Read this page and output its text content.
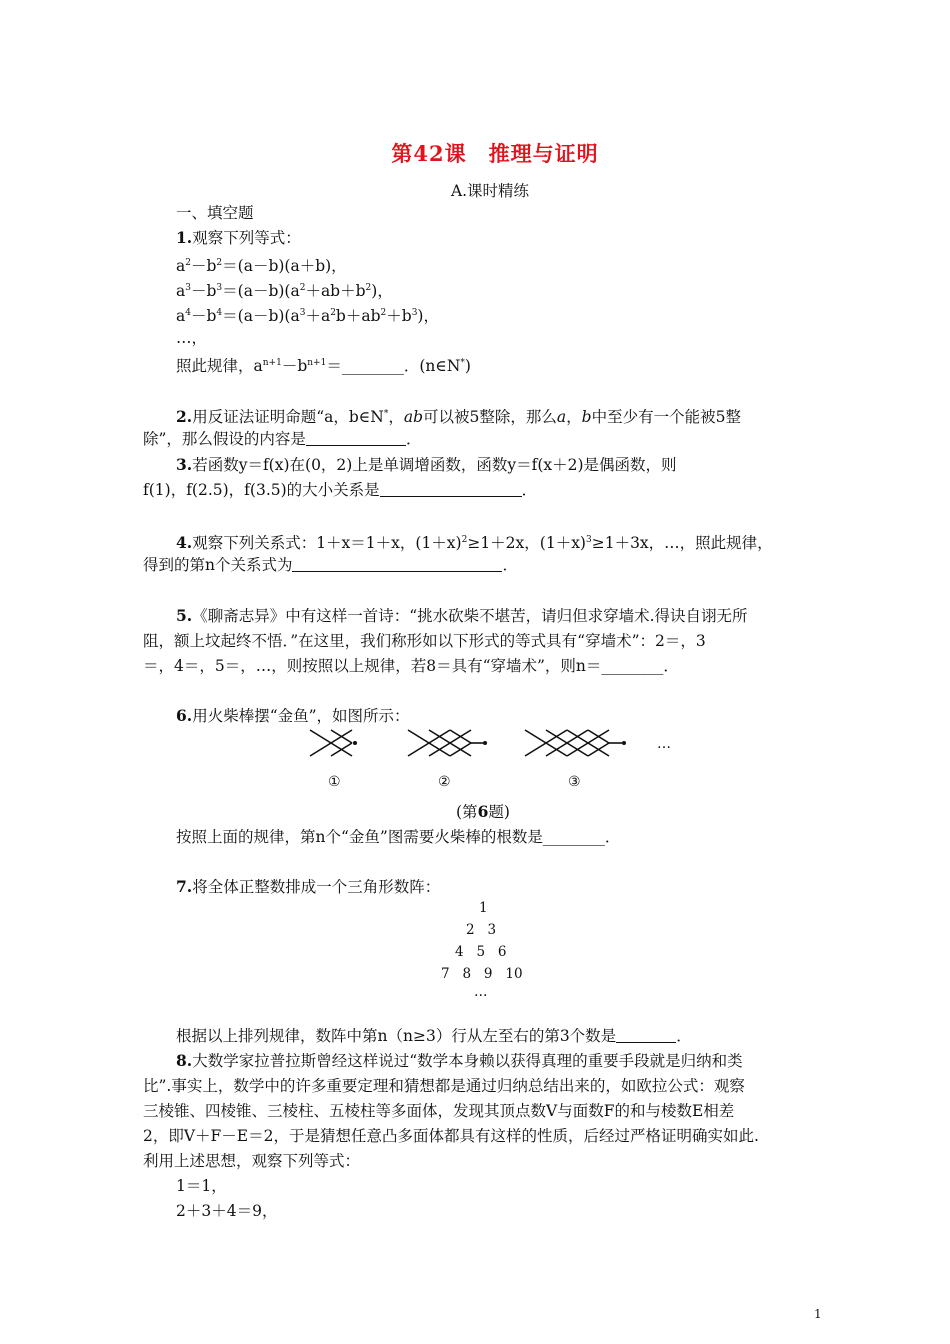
第42课　推理与证明
A.课时精练
一、填空题
1.观察下列等式：
$a^2-b^2=(a-b)(a+b)$，
$a^3-b^3=(a-b)(a^2+ab+b^2)$，
$a^4-b^4=(a-b)(a^3+a^2b+ab^2+b^3)$，
…，
照此规律，$a^{n+1}-b^{n+1}=\_\_\_\_\_\_\_\_$．(n∈N*)
2.用反证法证明命题“a，b∈N*，ab可以被5整除，那么a，b中至少有一个能被5整
除”，那么假设的内容是	．
3.若函数y＝f(x)在(0，2)上是单调增函数，函数y＝f(x＋2)是偶函数，则
f(1)，f(2.5)，f(3.5)的大小关系是	．
4.观察下列关系式：1＋x＝1＋x，$(1+x)^2\ge 1+2x$，$(1+x)^3\ge 1+3x$，…，照此规律，
得到的第n个关系式为	．
5.《聊斋志异》中有这样一首诗：“挑水砍柴不堪苦，请归但求穿墙术.得诀自诩无所
阻，额上坟起终不悟．”在这里，我们称形如以下形式的等式具有“穿墙术”：2＝，3
＝，4＝，5＝，…，则按照以上规律，若8＝具有“穿墙术”，则n＝________．
6.用火柴棒摆“金鱼”，如图所示：
…
①	②	③
(第6题)
按照上面的规律，第n个“金鱼”图需要火柴棒的根数是________．
7.将全体正整数排成一个三角形数阵：
1
2   3
4   5   6
7   8   9   10
…
根据以上排列规律，数阵中第n（n≥3）行从左至右的第3个数是	．
8.大数学家拉普拉斯曾经这样说过“数学本身赖以获得真理的重要手段就是归纳和类
比”.事实上，数学中的许多重要定理和猜想都是通过归纳总结出来的，如欧拉公式：观察
三棱锥、四棱锥、三棱柱、五棱柱等多面体，发现其顶点数V与面数F的和与棱数E相差
2，即V＋F－E＝2，于是猜想任意凸多面体都具有这样的性质，后经过严格证明确实如此.
利用上述思想，观察下列等式：
1＝1，
2＋3＋4＝9，
1
